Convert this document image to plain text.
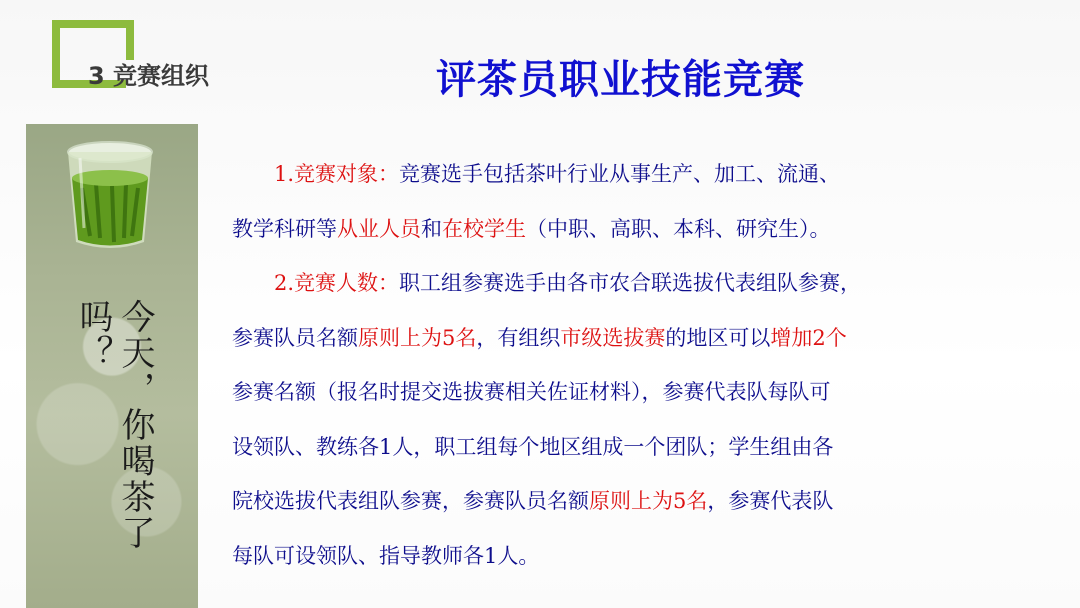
3 竞赛组织	评茶员职业技能竞赛
今天，你喝茶了吗？

1.竞赛对象：竞赛选手包括茶叶行业从事生产、加工、流通、

教学科研等从业人员和在校学生（中职、高职、本科、研究生）。

2.竞赛人数：职工组参赛选手由各市农合联选拔代表组队参赛，

参赛队员名额原则上为5名，有组织市级选拔赛的地区可以增加2个

参赛名额（报名时提交选拔赛相关佐证材料），参赛代表队每队可

设领队、教练各1人，职工组每个地区组成一个团队；学生组由各

院校选拔代表组队参赛，参赛队员名额原则上为5名，参赛代表队

每队可设领队、指导教师各1人。
